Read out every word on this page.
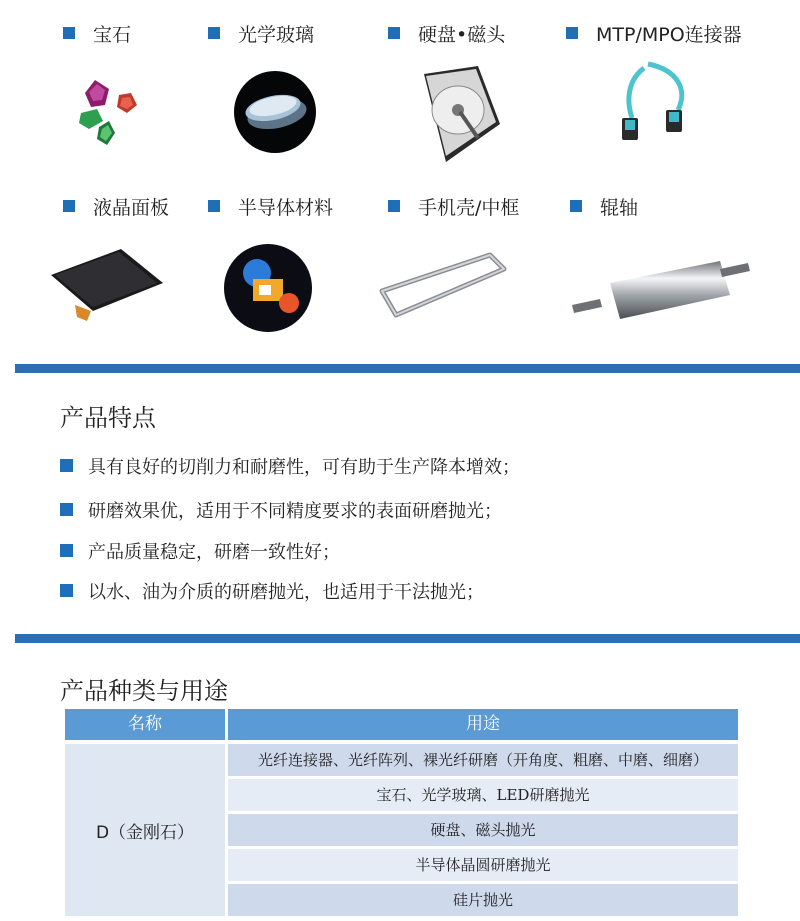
宝石	光学玻璃	硬盘•磁头	MTP/MPO连接器
液晶面板	半导体材料	手机壳/中框	辊轴
产品特点
具有良好的切削力和耐磨性，可有助于生产降本增效；
研磨效果优，适用于不同精度要求的表面研磨抛光；
产品质量稳定，研磨一致性好；
以水、油为介质的研磨抛光，也适用于干法抛光；
产品种类与用途
名称	用途
D（金刚石）
光纤连接器、光纤阵列、裸光纤研磨（开角度、粗磨、中磨、细磨）
宝石、光学玻璃、LED研磨抛光
硬盘、磁头抛光
半导体晶圆研磨抛光
硅片抛光
